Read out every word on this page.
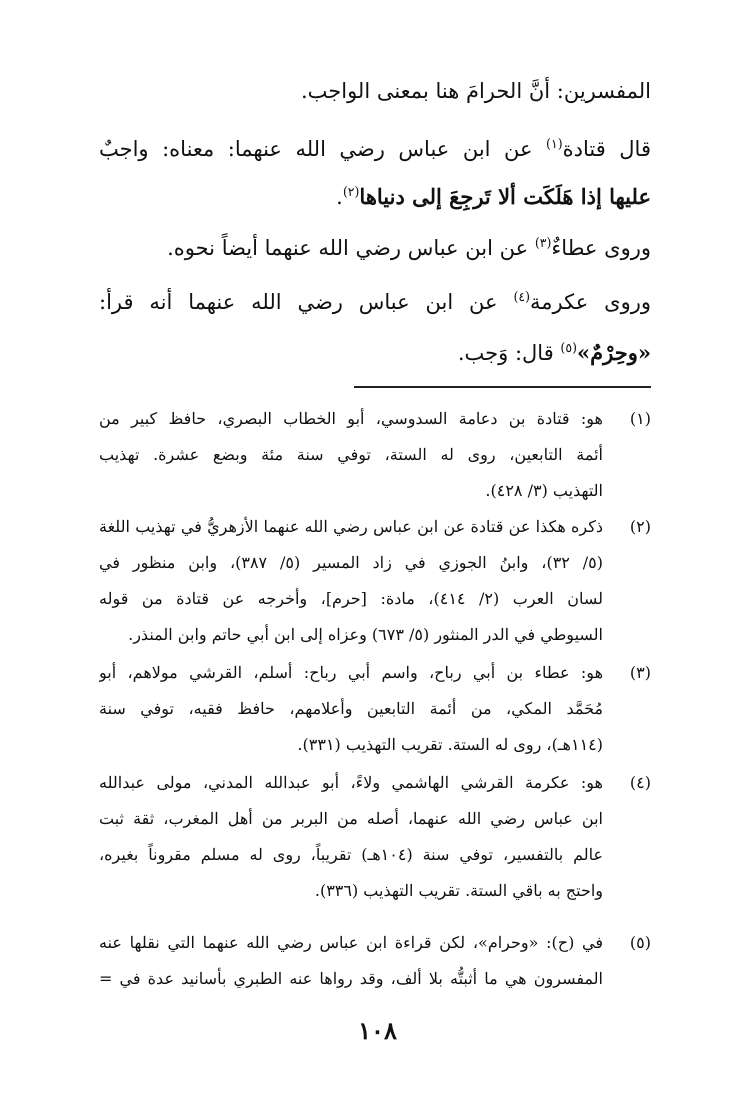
المفسرين: أنَّ الحرامَ هنا بمعنى الواجب.
قال قتادة$^{(١)}$ عن ابن عباس رضي الله عنهما: معناه: واجبٌ
عليها إذا هَلَكَت ألا تَرجِعَ إلى دنياها$^{(٢)}$.
وروى عطاءٌ$^{(٣)}$ عن ابن عباس رضي الله عنهما أيضاً نحوه.
وروى عكرمة$^{(٤)}$ عن ابن عباس رضي الله عنهما أنه قرأ:
«وحِرْمٌ»$^{(٥)}$ قال: وَجب.
(١)
هو: قتادة بن دعامة السدوسي، أبو الخطاب البصري، حافظ كبير من
أئمة التابعين، روى له الستة، توفي سنة مئة وبضع عشرة. تهذيب
التهذيب (٣/ ٤٢٨).
(٢)
ذكره هكذا عن قتادة عن ابن عباس رضي الله عنهما الأزهريُّ في تهذيب اللغة
(٥/ ٣٢)، وابنُ الجوزي في زاد المسير (٥/ ٣٨٧)، وابن منظور في
لسان العرب (٢/ ٤١٤)، مادة: [حرم]، وأخرجه عن قتادة من قوله
السيوطي في الدر المنثور (٥/ ٦٧٣) وعزاه إلى ابن أبي حاتم وابن المنذر.
(٣)
هو: عطاء بن أبي رباح، واسم أبي رباح: أسلم، القرشي مولاهم، أبو
مُحَمَّد المكي، من أئمة التابعين وأعلامهم، حافظ فقيه، توفي سنة
(١١٤هـ)، روى له الستة. تقريب التهذيب (٣٣١).
(٤)
هو: عكرمة القرشي الهاشمي ولاءً، أبو عبدالله المدني، مولى عبدالله
ابن عباس رضي الله عنهما، أصله من البربر من أهل المغرب، ثقة ثبت
عالم بالتفسير، توفي سنة (١٠٤هـ) تقريباً، روى له مسلم مقروناً بغيره،
واحتج به باقي الستة. تقريب التهذيب (٣٣٦).
(٥)
في (ح): «وحرام»، لكن قراءة ابن عباس رضي الله عنهما التي نقلها عنه
المفسرون هي ما أثبتُّه بلا ألف، وقد رواها عنه الطبري بأسانيد عدة في =
١٠٨
